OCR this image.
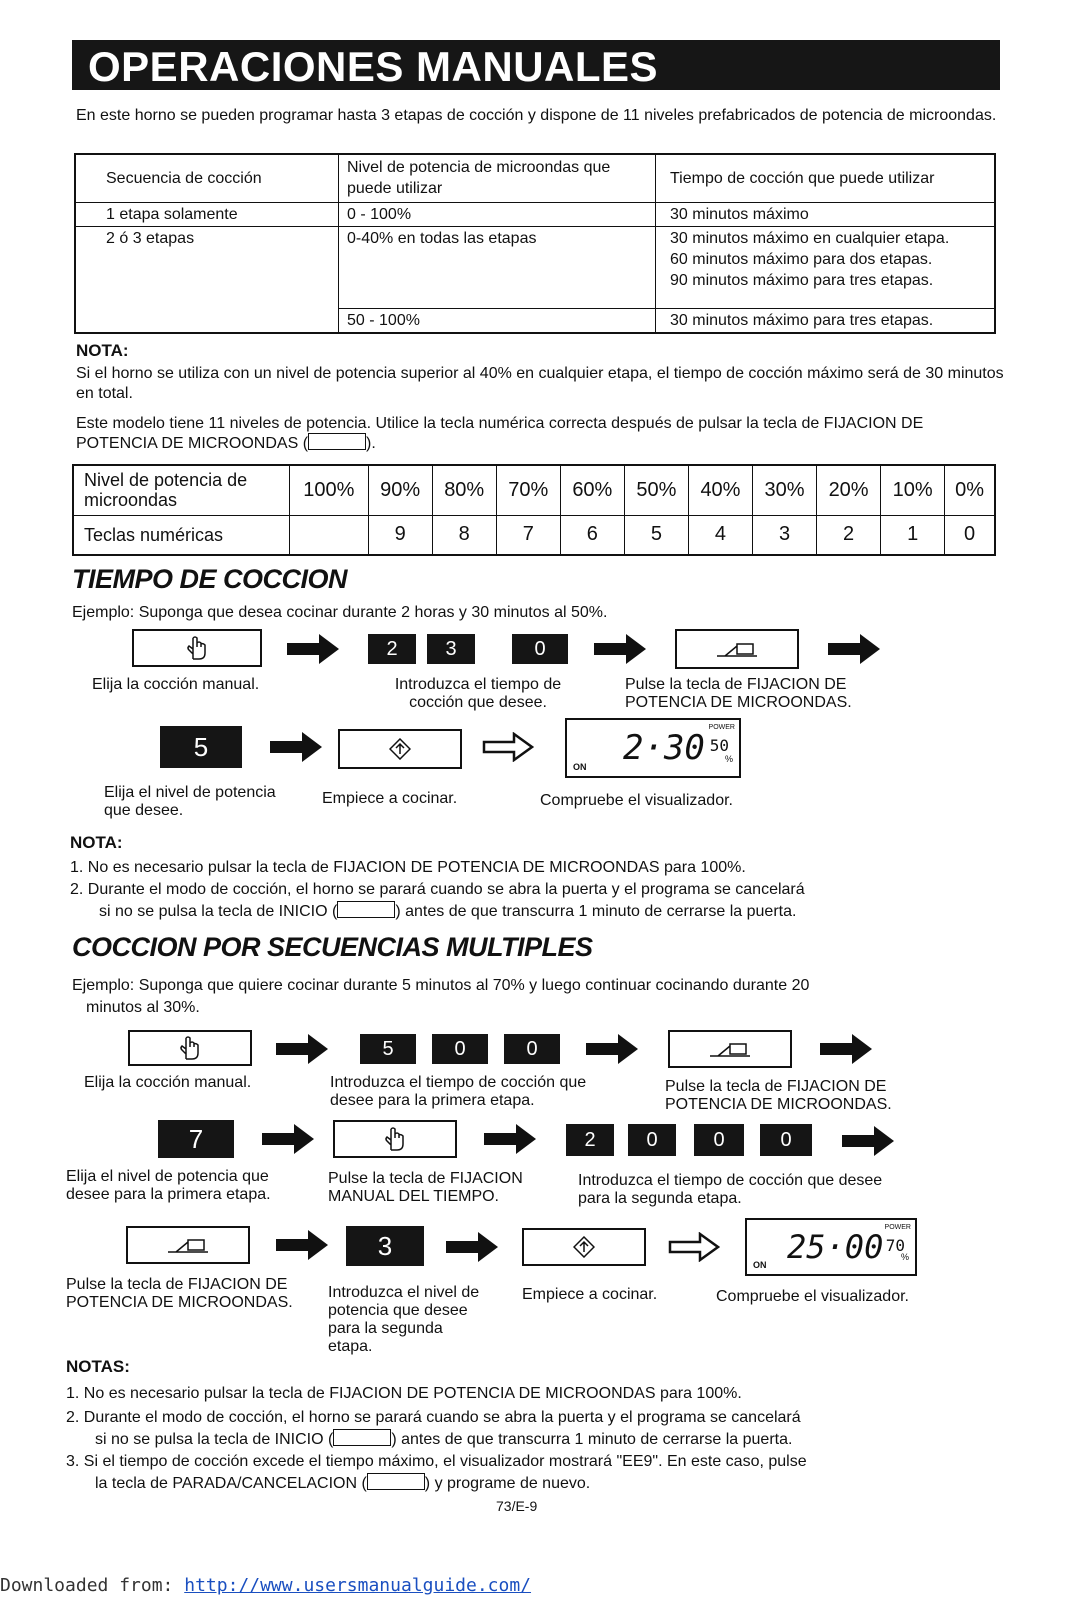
OPERACIONES MANUALES
En este horno se pueden programar hasta 3 etapas de cocción y dispone de 11 niveles prefabricados de potencia de microondas.
Secuencia de cocción	Nivel de potencia de microondas que puede utilizar	Tiempo de cocción que puede utilizar
1 etapa solamente	0 - 100%	30 minutos máximo
2 ó 3 etapas	0-40% en todas las etapas	30 minutos máximo en cualquier etapa.
60 minutos máximo para dos etapas.
90 minutos máximo para tres etapas.
	50 - 100%	30 minutos máximo para tres etapas.
NOTA:
Si el horno se utiliza con un nivel de potencia superior al 40% en cualquier etapa, el tiempo de cocción máximo será de 30 minutos en total.
Este modelo tiene 11 niveles de potencia. Utilice la tecla numérica correcta después de pulsar la tecla de FIJACION DE POTENCIA DE MICROONDAS (	).
Nivel de potencia de microondas	100%	90%	80%	70%	60%	50%	40%	30%	20%	10%	0%
Teclas numéricas		9	8	7	6	5	4	3	2	1	0
TIEMPO DE COCCION
Ejemplo: Suponga que desea cocinar durante 2 horas y 30 minutos al 50%.
2	3	0
Elija la cocción manual.	Introduzca el tiempo de cocción que desee.
Pulse la tecla de FIJACION DE POTENCIA DE MICROONDAS.
5	2·30 50
POWER
%
ON
Elija el nivel de potencia que desee.
Empiece a cocinar.	Compruebe el visualizador.
NOTA:
1. No es necesario pulsar la tecla de FIJACION DE POTENCIA DE MICROONDAS para 100%.
2. Durante el modo de cocción, el horno se parará cuando se abra la puerta y el programa se cancelará
si no se pulsa la tecla de INICIO (	) antes de que transcurra 1 minuto de cerrarse la puerta.
COCCION POR SECUENCIAS MULTIPLES
Ejemplo: Suponga que quiere cocinar durante 5 minutos al 70% y luego continuar cocinando durante 20
minutos al 30%.
5	0	0
Elija la cocción manual.	Introduzca el tiempo de cocción que desee para la primera etapa.
Pulse la tecla de FIJACION DE POTENCIA DE MICROONDAS.
7	2	0	0	0
Elija el nivel de potencia que desee para la primera etapa.
Pulse la tecla de FIJACION MANUAL DEL TIEMPO.
Introduzca el tiempo de cocción que desee para la segunda etapa.
3	25·00 70
POWER
%
ON
Pulse la tecla de FIJACION DE POTENCIA DE MICROONDAS.
Introduzca el nivel de potencia que desee para la segunda etapa.
Empiece a cocinar.	Compruebe el visualizador.
NOTAS:
1. No es necesario pulsar la tecla de FIJACION DE POTENCIA DE MICROONDAS para 100%.
2. Durante el modo de cocción, el horno se parará cuando se abra la puerta y el programa se cancelará
si no se pulsa la tecla de INICIO (	) antes de que transcurra 1 minuto de cerrarse la puerta.
3. Si el tiempo de cocción excede el tiempo máximo, el visualizador mostrará "EE9". En este caso, pulse
la tecla de PARADA/CANCELACION (	) y programe de nuevo.
73/E-9
Downloaded from: http://www.usersmanualguide.com/
